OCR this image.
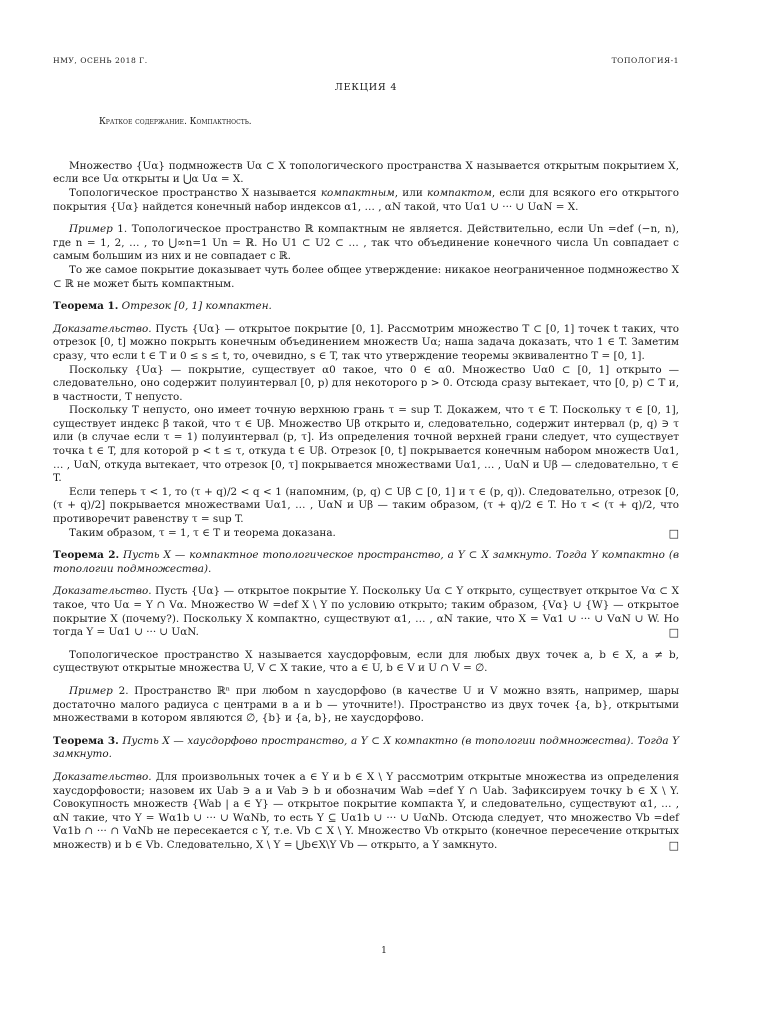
НМУ, ОСЕНЬ 2018 Г.	ТОПОЛОГИЯ-1
ЛЕКЦИЯ 4
Краткое содержание. Компактность.

Множество {Uα} подмножеств Uα ⊂ X топологического пространства X называется открытым покрытием X, если все Uα открыты и ⋃α Uα = X.

Топологическое пространство X называется компактным, или компактом, если для всякого его открытого покрытия {Uα} найдется конечный набор индексов α1, … , αN такой, что Uα1 ∪ ··· ∪ UαN = X.

Пример 1. Топологическое пространство ℝ компактным не является. Действительно, если Un =def (−n, n), где n = 1, 2, … , то ⋃∞n=1 Un = ℝ. Но U1 ⊂ U2 ⊂ … , так что объединение конечного числа Un совпадает с самым большим из них и не совпадает с ℝ.

То же самое покрытие доказывает чуть более общее утверждение: никакое неограниченное подмножество X ⊂ ℝ не может быть компактным.

Теорема 1. Отрезок [0, 1] компактен.

Доказательство. Пусть {Uα} — открытое покрытие [0, 1]. Рассмотрим множество T ⊂ [0, 1] точек t таких, что отрезок [0, t] можно покрыть конечным объединением множеств Uα; наша задача доказать, что 1 ∈ T. Заметим сразу, что если t ∈ T и 0 ≤ s ≤ t, то, очевидно, s ∈ T, так что утверждение теоремы эквивалентно T = [0, 1].

Поскольку {Uα} — покрытие, существует α0 такое, что 0 ∈ α0. Множество Uα0 ⊂ [0, 1] открыто — следовательно, оно содержит полуинтервал [0, p) для некоторого p > 0. Отсюда сразу вытекает, что [0, p) ⊂ T и, в частности, T непусто.

Поскольку T непусто, оно имеет точную верхнюю грань τ = sup T. Докажем, что τ ∈ T. Поскольку τ ∈ [0, 1], существует индекс β такой, что τ ∈ Uβ. Множество Uβ открыто и, следовательно, содержит интервал (p, q) ∋ τ или (в случае если τ = 1) полуинтервал (p, τ]. Из определения точной верхней грани следует, что существует точка t ∈ T, для которой p < t ≤ τ, откуда t ∈ Uβ. Отрезок [0, t] покрывается конечным набором множеств Uα1, … , UαN, откуда вытекает, что отрезок [0, τ] покрывается множествами Uα1, … , UαN и Uβ — следовательно, τ ∈ T.

Если теперь τ < 1, то (τ + q)/2 < q < 1 (напомним, (p, q) ⊂ Uβ ⊂ [0, 1] и τ ∈ (p, q)). Следовательно, отрезок [0, (τ + q)/2] покрывается множествами Uα1, … , UαN и Uβ — таким образом, (τ + q)/2 ∈ T. Но τ < (τ + q)/2, что противоречит равенству τ = sup T.

□
Таким образом, τ = 1, τ ∈ T и теорема доказана.

Теорема 2. Пусть X — компактное топологическое пространство, а Y ⊂ X замкнуто. Тогда Y компактно (в топологии подмножества).

Доказательство. Пусть {Uα} — открытое покрытие Y. Поскольку Uα ⊂ Y открыто, существует открытое Vα ⊂ X такое, что Uα = Y ∩ Vα. Множество W =def X \ Y по условию открыто; таким образом, {Vα} ∪ {W} — открытое покрытие X (почему?). Поскольку X компактно, существуют α1, … , αN такие, что X = Vα1 ∪ ··· ∪ VαN ∪ W. Но тогда Y = Uα1 ∪ ··· ∪ UαN.	□

Топологическое пространство X называется хаусдорфовым, если для любых двух точек a, b ∈ X, a ≠ b, существуют открытые множества U, V ⊂ X такие, что a ∈ U, b ∈ V и U ∩ V = ∅.

Пример 2. Пространство ℝⁿ при любом n хаусдорфово (в качестве U и V можно взять, например, шары достаточно малого радиуса с центрами в a и b — уточните!). Пространство из двух точек {a, b}, открытыми множествами в котором являются ∅, {b} и {a, b}, не хаусдорфово.

Теорема 3. Пусть X — хаусдорфово пространство, а Y ⊂ X компактно (в топологии подмножества). Тогда Y замкнуто.

Доказательство. Для произвольных точек a ∈ Y и b ∈ X \ Y рассмотрим открытые множества из определения хаусдорфовости; назовем их Uab ∋ a и Vab ∋ b и обозначим Wab =def Y ∩ Uab. Зафиксируем точку b ∈ X \ Y. Совокупность множеств {Wab | a ∈ Y} — открытое покрытие компакта Y, и следовательно, существуют α1, … , αN такие, что Y = Wα1b ∪ ··· ∪ WαNb, то есть Y ⊆ Uα1b ∪ ··· ∪ UαNb. Отсюда следует, что множество Vb =def Vα1b ∩ ··· ∩ VαNb не пересекается с Y, т.е. Vb ⊂ X \ Y. Множество Vb открыто (конечное пересечение открытых множеств) и b ∈ Vb. Следовательно, X \ Y = ⋃b∈X\Y Vb — открыто, а Y замкнуто.	□

1
